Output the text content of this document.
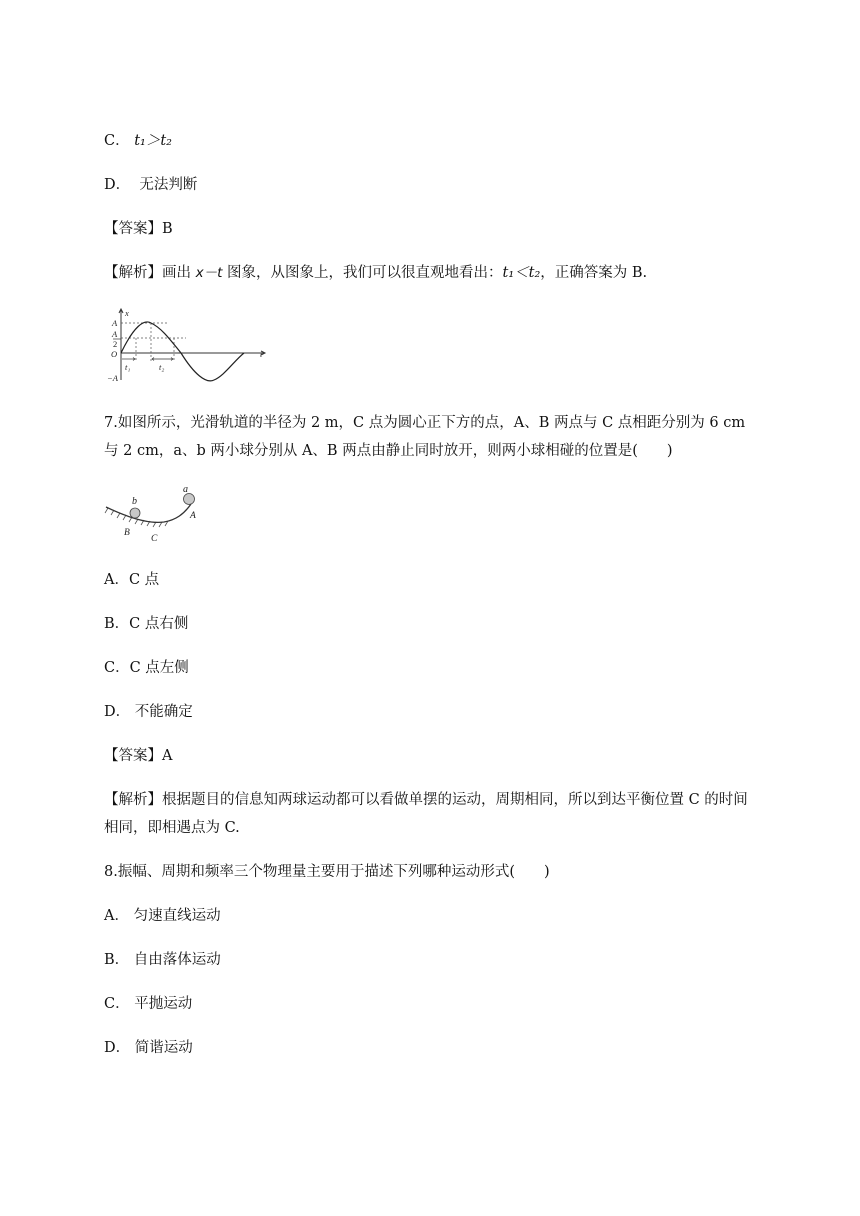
C． t₁＞t₂
D． 无法判断
【答案】B
【解析】画出 x－t 图象，从图象上，我们可以很直观地看出：t₁＜t₂，正确答案为 B.
x
t
A
A
2
O
−A
t₁	t₂
7.如图所示，光滑轨道的半径为 2 m，C 点为圆心正下方的点，A、B 两点与 C 点相距分别为 6 cm
与 2 cm，a、b 两小球分别从 A、B 两点由静止同时放开，则两小球相碰的位置是(　　)
b
a
A
B
C
A．C 点
B．C 点右侧
C．C 点左侧
D． 不能确定
【答案】A
【解析】根据题目的信息知两球运动都可以看做单摆的运动，周期相同，所以到达平衡位置 C 的时间相同，即相遇点为 C.
8.振幅、周期和频率三个物理量主要用于描述下列哪种运动形式(　　)
A． 匀速直线运动
B． 自由落体运动
C． 平抛运动
D． 简谐运动
